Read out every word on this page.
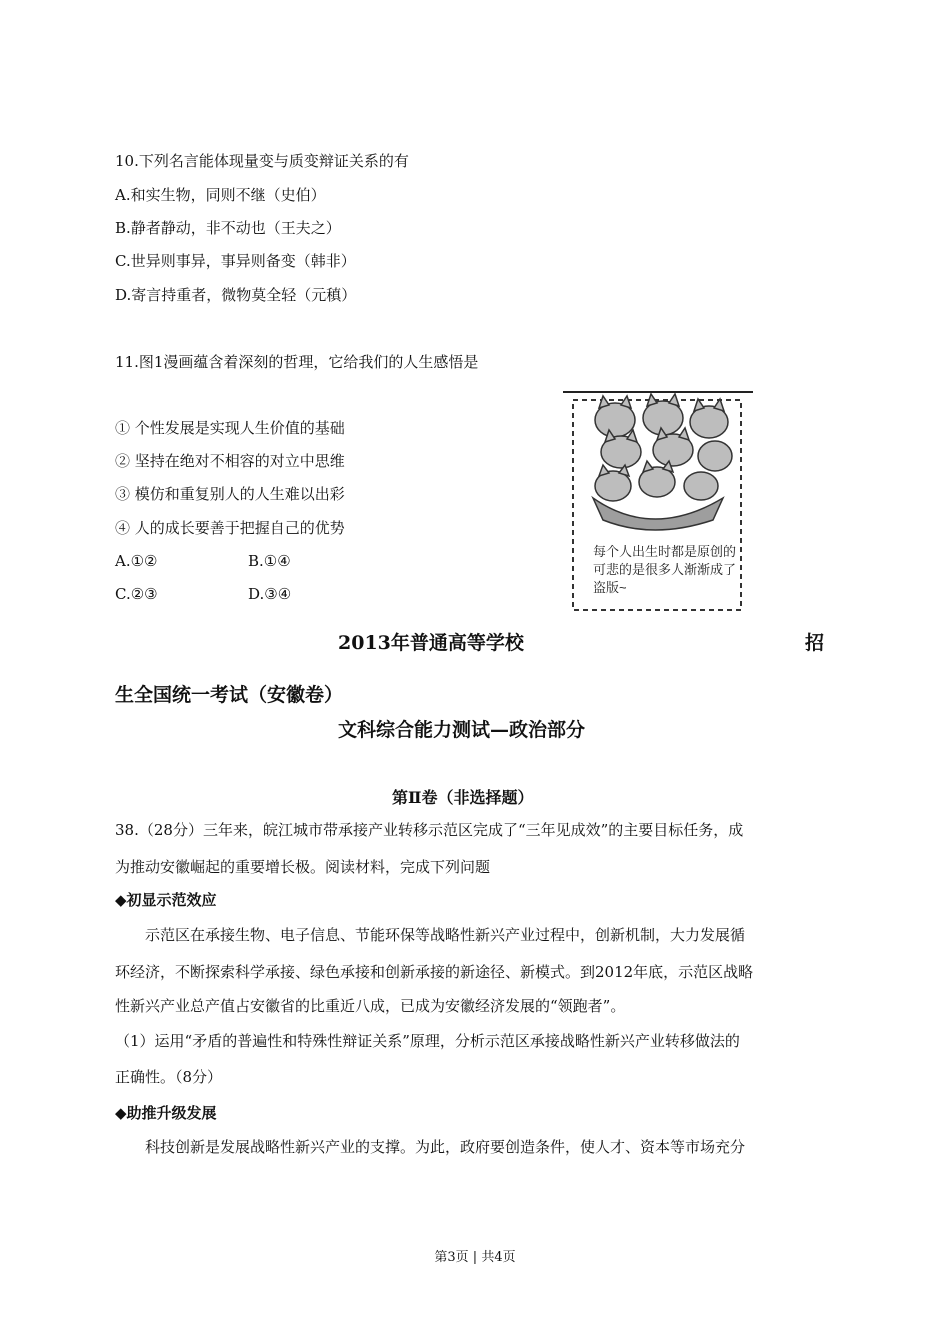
10.下列名言能体现量变与质变辩证关系的有
A.和实生物，同则不继（史伯）
B.静者静动，非不动也（王夫之）
C.世异则事异，事异则备变（韩非）
D.寄言持重者，微物莫全轻（元稹）
11.图1漫画蕴含着深刻的哲理，它给我们的人生感悟是
① 个性发展是实现人生价值的基础
② 坚持在绝对不相容的对立中思维
③ 模仿和重复别人的人生难以出彩
④ 人的成长要善于把握自己的优势
A.①②	B.①④
C.②③	D.③④
每个人出生时都是原创的
可悲的是很多人渐渐成了
盗版~
2013年普通高等学校	招
生全国统一考试（安徽卷）
文科综合能力测试—政治部分
第Ⅱ卷（非选择题）
38.（28分）三年来，皖江城市带承接产业转移示范区完成了“三年见成效”的主要目标任务，成
为推动安徽崛起的重要增长极。阅读材料，完成下列问题
◆初显示范效应
示范区在承接生物、电子信息、节能环保等战略性新兴产业过程中，创新机制，大力发展循
环经济，不断探索科学承接、绿色承接和创新承接的新途径、新模式。到2012年底，示范区战略
性新兴产业总产值占安徽省的比重近八成，已成为安徽经济发展的“领跑者”。
（1）运用“矛盾的普遍性和特殊性辩证关系”原理，分析示范区承接战略性新兴产业转移做法的
正确性。（8分）
◆助推升级发展
科技创新是发展战略性新兴产业的支撑。为此，政府要创造条件，使人才、资本等市场充分
第3页 | 共4页
